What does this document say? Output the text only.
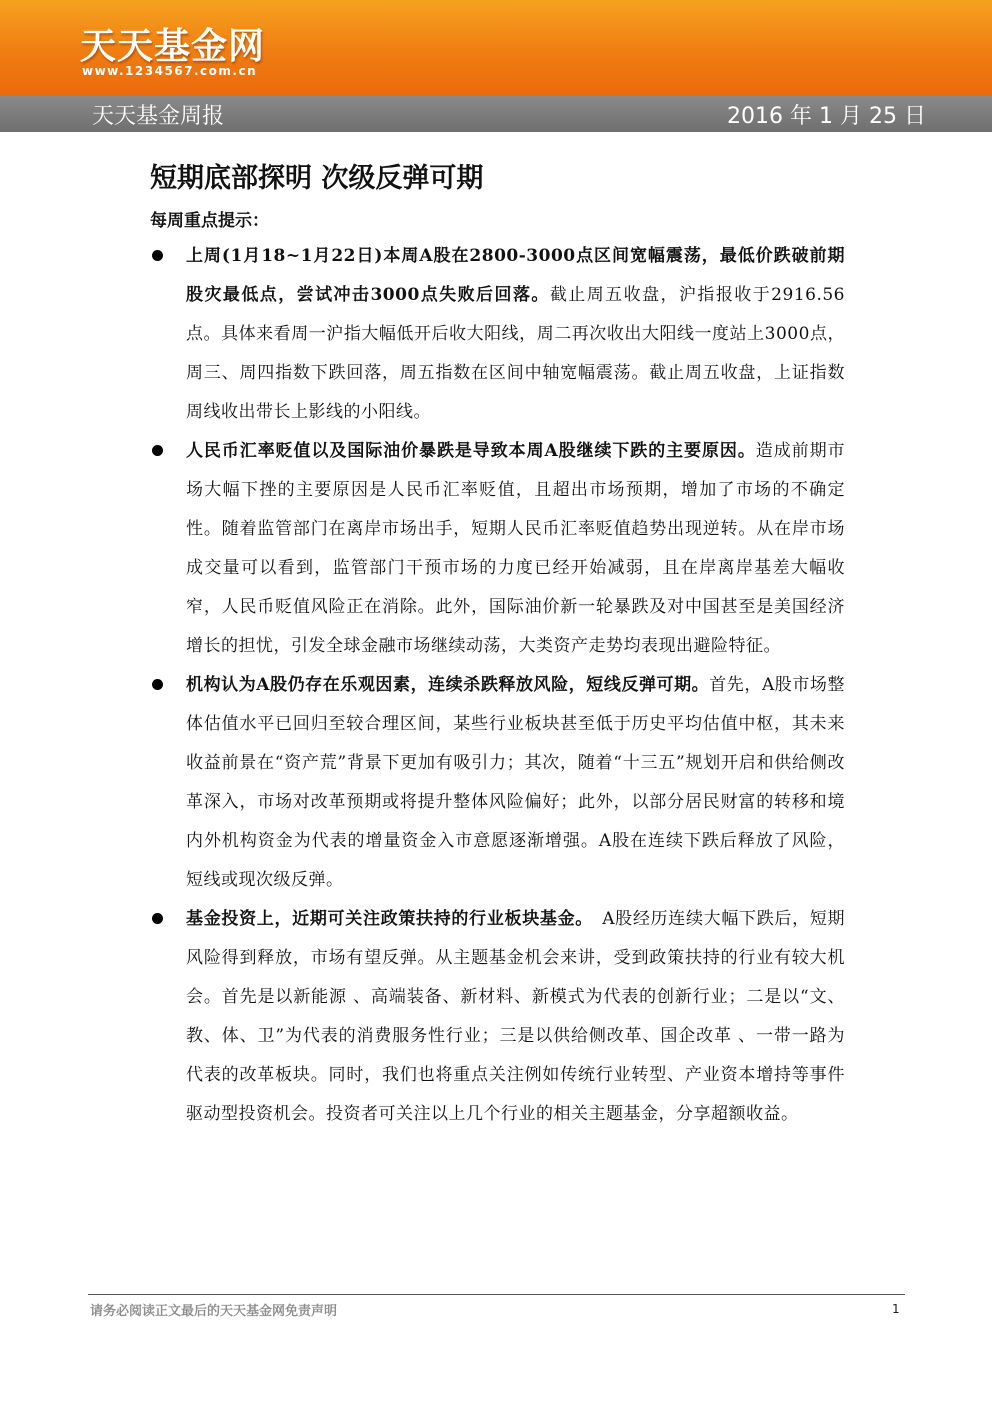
天天基金网
www.1234567.com.cn
天天基金周报	2016 年 1 月 25 日
短期底部探明 次级反弹可期
每周重点提示：

上周(1月18~1月22日)本周A股在2800-3000点区间宽幅震荡，最低价跌破前期股灾最低点，尝试冲击3000点失败后回落。截止周五收盘，沪指报收于2916.56点。具体来看周一沪指大幅低开后收大阳线，周二再次收出大阳线一度站上3000点，周三、周四指数下跌回落，周五指数在区间中轴宽幅震荡。截止周五收盘，上证指数周线收出带长上影线的小阳线。

人民币汇率贬值以及国际油价暴跌是导致本周A股继续下跌的主要原因。造成前期市场大幅下挫的主要原因是人民币汇率贬值，且超出市场预期，增加了市场的不确定性。随着监管部门在离岸市场出手，短期人民币汇率贬值趋势出现逆转。从在岸市场成交量可以看到，监管部门干预市场的力度已经开始减弱，且在岸离岸基差大幅收窄，人民币贬值风险正在消除。此外，国际油价新一轮暴跌及对中国甚至是美国经济增长的担忧，引发全球金融市场继续动荡，大类资产走势均表现出避险特征。

机构认为A股仍存在乐观因素，连续杀跌释放风险，短线反弹可期。首先，A股市场整体估值水平已回归至较合理区间，某些行业板块甚至低于历史平均估值中枢，其未来收益前景在“资产荒”背景下更加有吸引力；其次，随着“十三五”规划开启和供给侧改革深入，市场对改革预期或将提升整体风险偏好；此外，以部分居民财富的转移和境内外机构资金为代表的增量资金入市意愿逐渐增强。A股在连续下跌后释放了风险，短线或现次级反弹。

基金投资上，近期可关注政策扶持的行业板块基金。　A股经历连续大幅下跌后，短期风险得到释放，市场有望反弹。从主题基金机会来讲，受到政策扶持的行业有较大机会。首先是以新能源 、高端装备、新材料、新模式为代表的创新行业；二是以“文、教、体、卫”为代表的消费服务性行业；三是以供给侧改革、国企改革 、一带一路为代表的改革板块。同时，我们也将重点关注例如传统行业转型、产业资本增持等事件驱动型投资机会。投资者可关注以上几个行业的相关主题基金，分享超额收益。

请务必阅读正文最后的天天基金网免责声明	1
